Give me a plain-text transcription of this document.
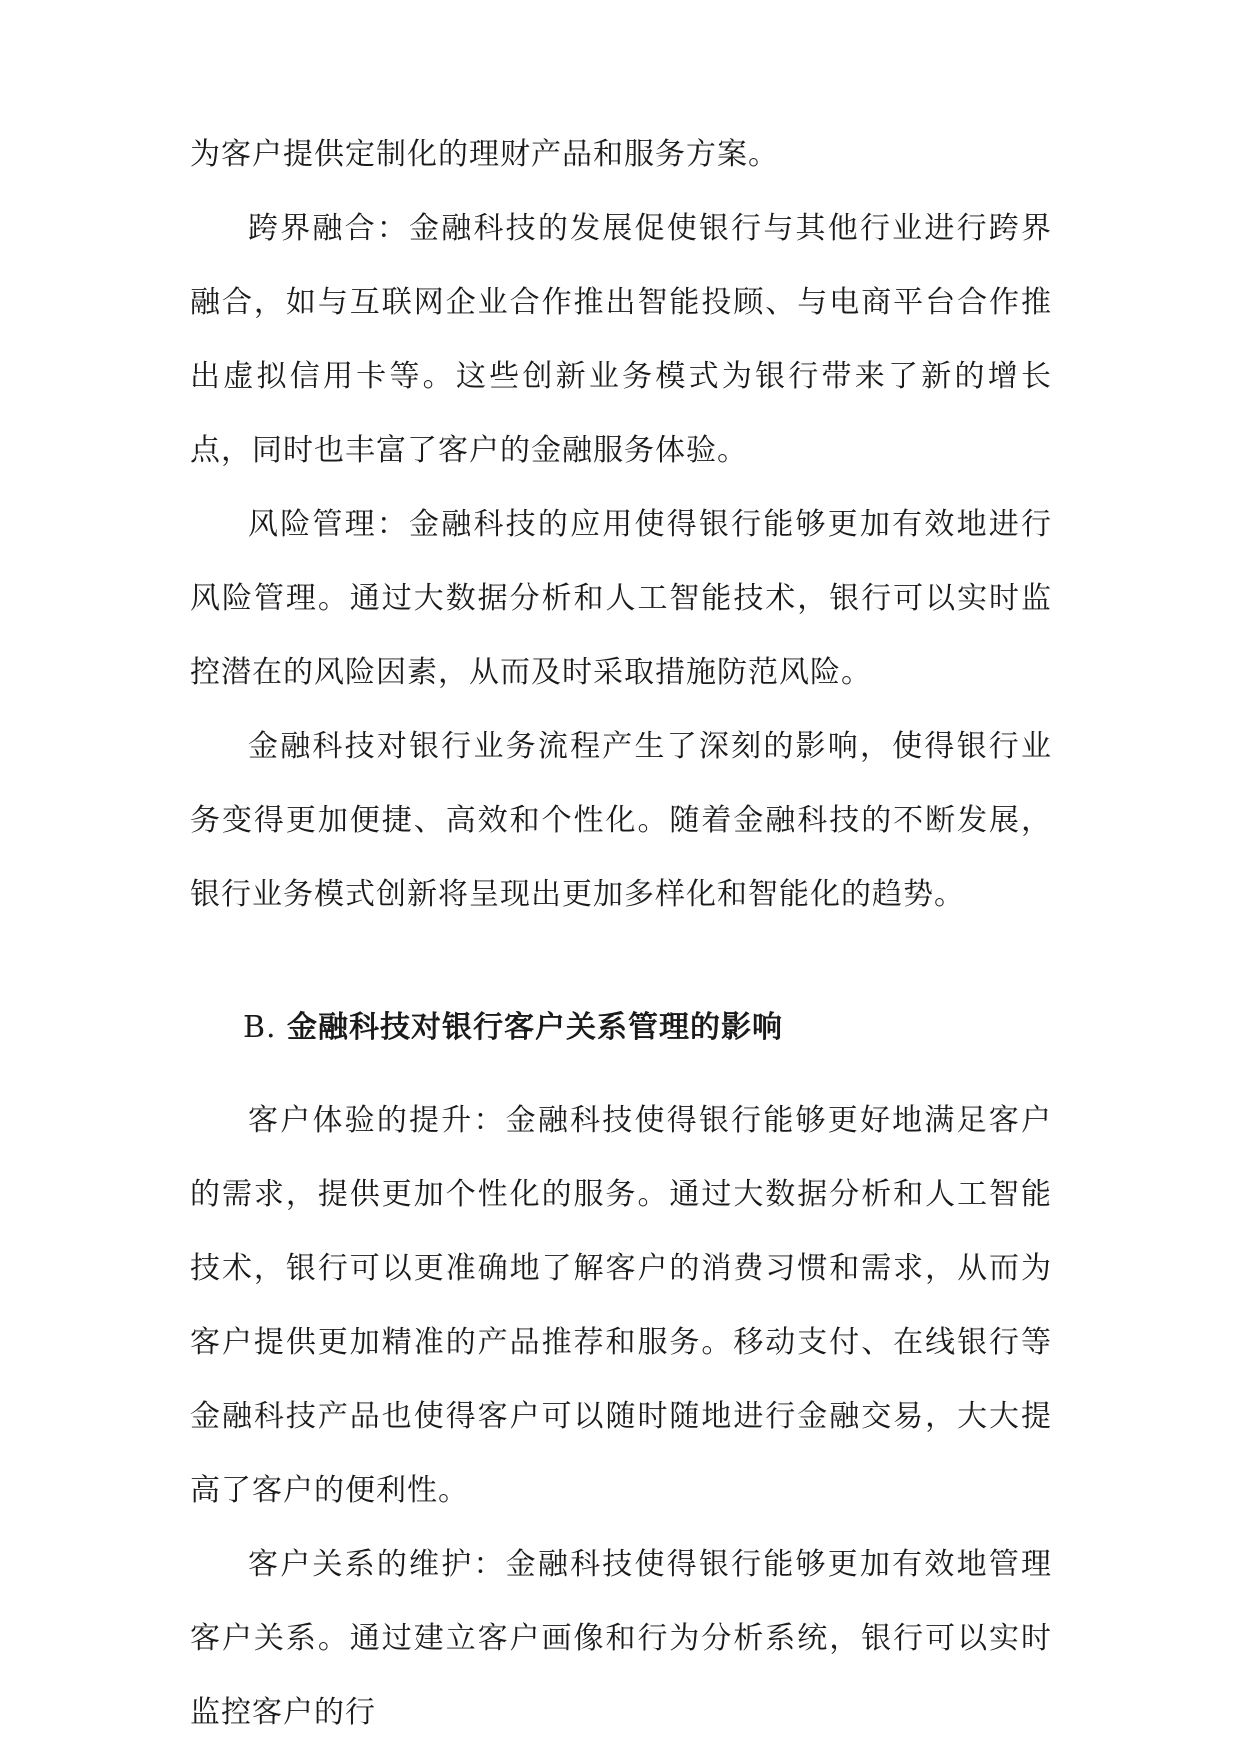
为客户提供定制化的理财产品和服务方案。

跨界融合：金融科技的发展促使银行与其他行业进行跨界融合，如与互联网企业合作推出智能投顾、与电商平台合作推出虚拟信用卡等。这些创新业务模式为银行带来了新的增长点，同时也丰富了客户的金融服务体验。

风险管理：金融科技的应用使得银行能够更加有效地进行风险管理。通过大数据分析和人工智能技术，银行可以实时监控潜在的风险因素，从而及时采取措施防范风险。

金融科技对银行业务流程产生了深刻的影响，使得银行业务变得更加便捷、高效和个性化。随着金融科技的不断发展，银行业务模式创新将呈现出更加多样化和智能化的趋势。

B. 金融科技对银行客户关系管理的影响

客户体验的提升：金融科技使得银行能够更好地满足客户的需求，提供更加个性化的服务。通过大数据分析和人工智能技术，银行可以更准确地了解客户的消费习惯和需求，从而为客户提供更加精准的产品推荐和服务。移动支付、在线银行等金融科技产品也使得客户可以随时随地进行金融交易，大大提高了客户的便利性。

客户关系的维护：金融科技使得银行能够更加有效地管理客户关系。通过建立客户画像和行为分析系统，银行可以实时监控客户的行
